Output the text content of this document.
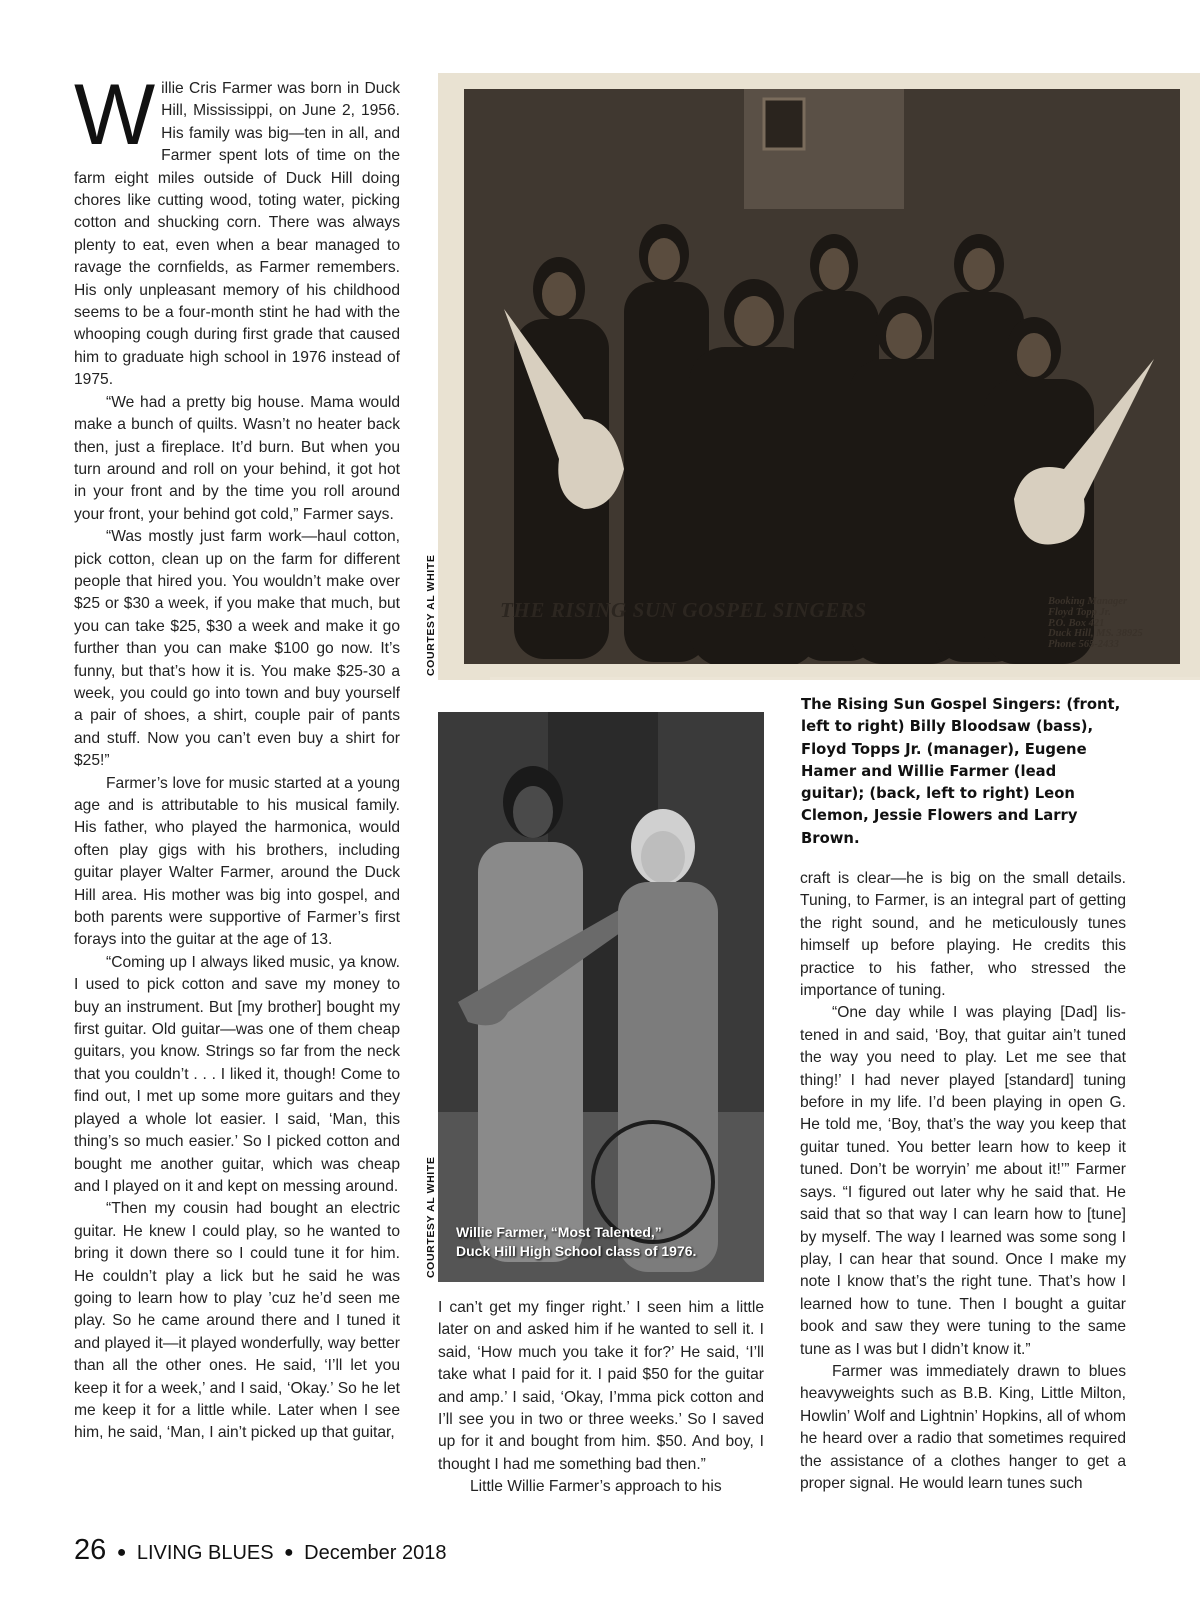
Willie Cris Farmer was born in Duck Hill, Mississippi, on June 2, 1956. His family was big—ten in all, and Farmer spent lots of time on the farm eight miles outside of Duck Hill doing chores like cutting wood, toting water, picking cotton and shucking corn. There was always plenty to eat, even when a bear managed to ravage the cornfields, as Farmer remembers. His only unpleasant memory of his childhood seems to be a four-month stint he had with the whooping cough during first grade that caused him to graduate high school in 1976 instead of 1975.

“We had a pretty big house. Mama would make a bunch of quilts. Wasn’t no heater back then, just a fireplace. It’d burn. But when you turn around and roll on your behind, it got hot in your front and by the time you roll around your front, your behind got cold,” Farmer says.

“Was mostly just farm work—haul cotton, pick cotton, clean up on the farm for different people that hired you. You wouldn’t make over $25 or $30 a week, if you make that much, but you can take $25, $30 a week and make it go further than you can make $100 go now. It’s funny, but that’s how it is. You make $25-30 a week, you could go into town and buy yourself a pair of shoes, a shirt, couple pair of pants and stuff. Now you can’t even buy a shirt for $25!”

Farmer’s love for music started at a young age and is attributable to his musical family. His father, who played the harmonica, would often play gigs with his brothers, including guitar player Walter Farmer, around the Duck Hill area. His mother was big into gospel, and both parents were supportive of Farmer’s first forays into the guitar at the age of 13.

“Coming up I always liked music, ya know. I used to pick cotton and save my money to buy an instrument. But [my brother] bought my first guitar. Old guitar—was one of them cheap guitars, you know. Strings so far from the neck that you couldn’t . . . I liked it, though! Come to find out, I met up some more guitars and they played a whole lot easier. I said, ‘Man, this thing’s so much easier.’ So I picked cotton and bought me another guitar, which was cheap and I played on it and kept on messing around.

“Then my cousin had bought an electric guitar. He knew I could play, so he wanted to bring it down there so I could tune it for him. He couldn’t play a lick but he said he was going to learn how to play ’cuz he’d seen me play. So he came around there and I tuned it and played it—it played wonderfully, way better than all the other ones. He said, ‘I’ll let you keep it for a week,’ and I said, ‘Okay.’ So he let me keep it for a little while. Later when I see him, he said, ‘Man, I ain’t picked up that guitar,

THE RISING SUN GOSPEL SINGERS	Booking Manager
Floyd Topp Jr.
P.O. Box 421
Duck Hill, MS. 38925
Phone 565-2433
COURTESY AL WHITE
The Rising Sun Gospel Singers: (front, left to right) Billy Bloodsaw (bass), Floyd Topps Jr. (manager), Eugene Hamer and Willie Farmer (lead guitar); (back, left to right) Leon Clemon, Jessie Flowers and Larry Brown.
Willie Farmer, “Most Talented,”
Duck Hill High School class of 1976.
COURTESY AL WHITE

I can’t get my finger right.’ I seen him a little later on and asked him if he wanted to sell it. I said, ‘How much you take it for?’ He said, ‘I’ll take what I paid for it. I paid $50 for the guitar and amp.’ I said, ‘Okay, I’mma pick cotton and I’ll see you in two or three weeks.’ So I saved up for it and bought from him. $50. And boy, I thought I had me something bad then.”

Little Willie Farmer’s approach to his

craft is clear—he is big on the small details. Tuning, to Farmer, is an integral part of getting the right sound, and he meticulously tunes himself up before playing. He credits this practice to his father, who stressed the importance of tuning.

“One day while I was playing [Dad] listened in and said, ‘Boy, that guitar ain’t tuned the way you need to play. Let me see that thing!’ I had never played [standard] tuning before in my life. I’d been playing in open G. He told me, ‘Boy, that’s the way you keep that guitar tuned. You better learn how to keep it tuned. Don’t be worryin’ me about it!’” Farmer says. “I figured out later why he said that. He said that so that way I can learn how to [tune] by myself. The way I learned was some song I play, I can hear that sound. Once I make my note I know that’s the right tune. That’s how I learned how to tune. Then I bought a guitar book and saw they were tuning to the same tune as I was but I didn’t know it.”

Farmer was immediately drawn to blues heavyweights such as B.B. King, Little Milton, Howlin’ Wolf and Lightnin’ Hopkins, all of whom he heard over a radio that sometimes required the assistance of a clothes hanger to get a proper signal. He would learn tunes such

26 ● LIVING BLUES ● December 2018
